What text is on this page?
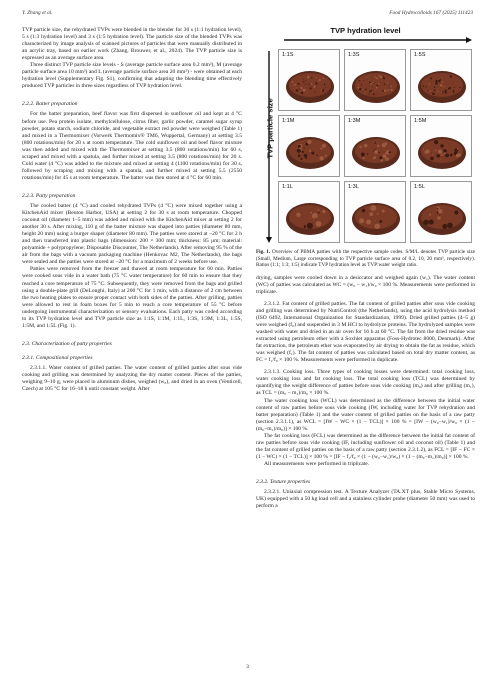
Y. Zhang et al.	Food Hydrocolloids 167 (2025) 111423

TVP particle size, the rehydrated TVPs were blended in the blender for 30 s (1:1 hydration level), 5 s (1:3 hydration level) and 3 s (1:5 hydration level). The particle size of the blended TVPs was characterized by image analysis of scanned pictures of particles that were manually distributed in an acrylic tray, based on earlier work (Zhang, Brouwer, et al., 2024). The TVP particle size is expressed as an average surface area.

Three distinct TVP particle size levels - S (average particle surface area 0.2 mm²), M (average particle surface area 10 mm²) and L (average particle surface area 20 mm²) - were obtained at each hydration level (Supplementary Fig. S1), confirming that adapting the blending time effectively produced TVP particles in three sizes regardless of TVP hydration level.

2.2.2. Batter preparation

For the batter preparation, beef flavor was first dispersed in sunflower oil and kept at 4 °C before use. Pea protein isolate, methylcellulose, citrus fiber, garlic powder, caramel sugar syrup powder, potato starch, sodium chloride, and vegetable extract red powder were weighed (Table 1) and mixed in a Thermomixer (Vorwerk Thermomix® TM6, Wuppertal, Germany) at setting 3.5 (800 rotations/min) for 20 s at room temperature. The cold sunflower oil and beef flavor mixture was then added and mixed with the Thermomixer at setting 3.5 (800 rotations/min) for 60 s, scraped and mixed with a spatula, and further mixed at setting 3.5 (800 rotations/min) for 20 s. Cold water (4 °C) was added to the mixture and mixed at setting 4 (1100 rotations/min) for 30 s, followed by scraping and mixing with a spatula, and further mixed at setting 5.5 (2550 rotations/min) for 45 s at room temperature. The batter was then stored at 4 °C for 60 min.

2.2.3. Patty preparation

The cooled batter (4 °C) and cooled rehydrated TVPs (4 °C) were mixed together using a KitchenAid mixer (Benton Harbor, USA) at setting 2 for 30 s at room temperature. Chopped coconut oil (diameter 1–5 mm) was added and mixed with the KitchenAid mixer at setting 2 for another 30 s. After mixing, 110 g of the batter mixture was shaped into patties (diameter 80 mm, height 20 mm) using a burger shaper (diameter 80 mm). The patties were stored at −20 °C for 2 h and then transferred into plastic bags (dimension: 200 × 300 mm; thickness: 85 μm; material: polyamide + polypropylene; Disposable Discounter, The Netherlands). After removing 95 % of the air from the bags with a vacuum packaging machine (Henkovac M2, The Netherlands), the bags were sealed and the patties were stored at −20 °C for a maximum of 2 weeks before use.

Patties were removed from the freezer and thawed at room temperature for 60 min. Patties were cooked sous vide in a water bath (75 °C water temperature) for 60 min to ensure that they reached a core temperature of 75 °C. Subsequently, they were removed from the bags and grilled using a double-plate grill (DeLonghi, Italy) at 200 °C for 1 min, with a distance of 2 cm between the two heating plates to ensure proper contact with both sides of the patties. After grilling, patties were allowed to rest in foam boxes for 5 min to reach a core temperature of 55 °C before undergoing instrumental characterization or sensory evaluations. Each patty was coded according to its TVP hydration level and TVP particle size as 1:1S, 1:1M, 1:1L, 1:3S, 1:3M, 1:3L, 1:5S, 1:5M, and 1:5L (Fig. 1).

2.3. Characterization of patty properties
2.3.1. Compositional properties

2.3.1.1. Water content of grilled patties. The water content of grilled patties after sous vide cooking and grilling was determined by analyzing the dry matter content. Pieces of the patties, weighing 9–10 g, were placed in aluminum dishes, weighed (w₀), and dried in an oven (Venticell, Czech) at 105 °C for 16–18 h until constant weight. After

TVP hydration level
TVP particle size
1:1S	1:3S	1:5S
1:1M	1:3M	1:5M
1:1L	1:3L	1:5L
Fig. 1. Overview of PBMA patties with the respective sample codes. S/M/L denotes TVP particle size (Small, Medium, Large corresponding to TVP particle surface area of 0.2, 10, 20 mm², respectively). Ratios (1:1; 1:3; 1:5) indicate TVP hydration level as TVP:water weight ratio.

drying, samples were cooled down in a desiccator and weighed again (w₁). The water content (WC) of patties was calculated as WC = (w₀ − w₁)/w₀ × 100 %. Measurements were performed in triplicate.

2.3.1.2. Fat content of grilled patties. The fat content of grilled patties after sous vide cooking and grilling was determined by NutriControl (the Netherlands), using the acid hydrolysis method (ISO 6492, International Organization for Standardization, 1999). Dried grilled patties (4–5 g) were weighed (f₀) and suspended in 3 M HCl to hydrolyze proteins. The hydrolyzed samples were washed with water and dried in an air oven for 16 h at 60 °C. The fat from the dried residue was extracted using petroleum ether with a Soxhlet apparatus (Foss-Hydrotec 8000, Denmark). After fat extraction, the petroleum ether was evaporated by air drying to obtain the fat as residue, which was weighed (f₁). The fat content of patties was calculated based on total dry matter content, as FC = f₁/f₀ × 100 %. Measurements were performed in duplicate.

2.3.1.3. Cooking loss. Three types of cooking losses were determined: total cooking loss, water cooking loss and fat cooking loss. The total cooking loss (TCL) was determined by quantifying the weight difference of patties before sous vide cooking (m₀) and after grilling (m₁), as TCL = (m₀ − m₁)/m₀ × 100 %.

The water cooking loss (WCL) was determined as the difference between the initial water content of raw patties before sous vide cooking (IW, including water for TVP rehydration and batter preparation) (Table 1) and the water content of grilled patties on the basis of a raw patty (section 2.3.1.1), as WCL = [IW − WC × (1 − TCL)] × 100 % = [IW − (w₀−w₁)/w₀ × (1 − (m₀−m₁)/m₀)] × 100 %.

The fat cooking loss (FCL) was determined as the difference between the initial fat content of raw patties before sous vide cooking (IF, including sunflower oil and coconut oil) (Table 1) and the fat content of grilled patties on the basis of a raw patty (section 2.3.1.2), as FCL = [IF − FC × (1 − WC) × (1 − TCL)] × 100 % = [IF − f₁/f₀ × (1 − (w₀−w₁)/w₀) × (1 − (m₀−m₁)/m₀)] × 100 %.

All measurements were performed in triplicate.

2.3.2. Texture properties

2.3.2.1. Uniaxial compression test. A Texture Analyzer (TA.XT plus, Stable Micro Systems, UK) equipped with a 50 kg load cell and a stainless cylinder probe (diameter 50 mm) was used to perform a

3
